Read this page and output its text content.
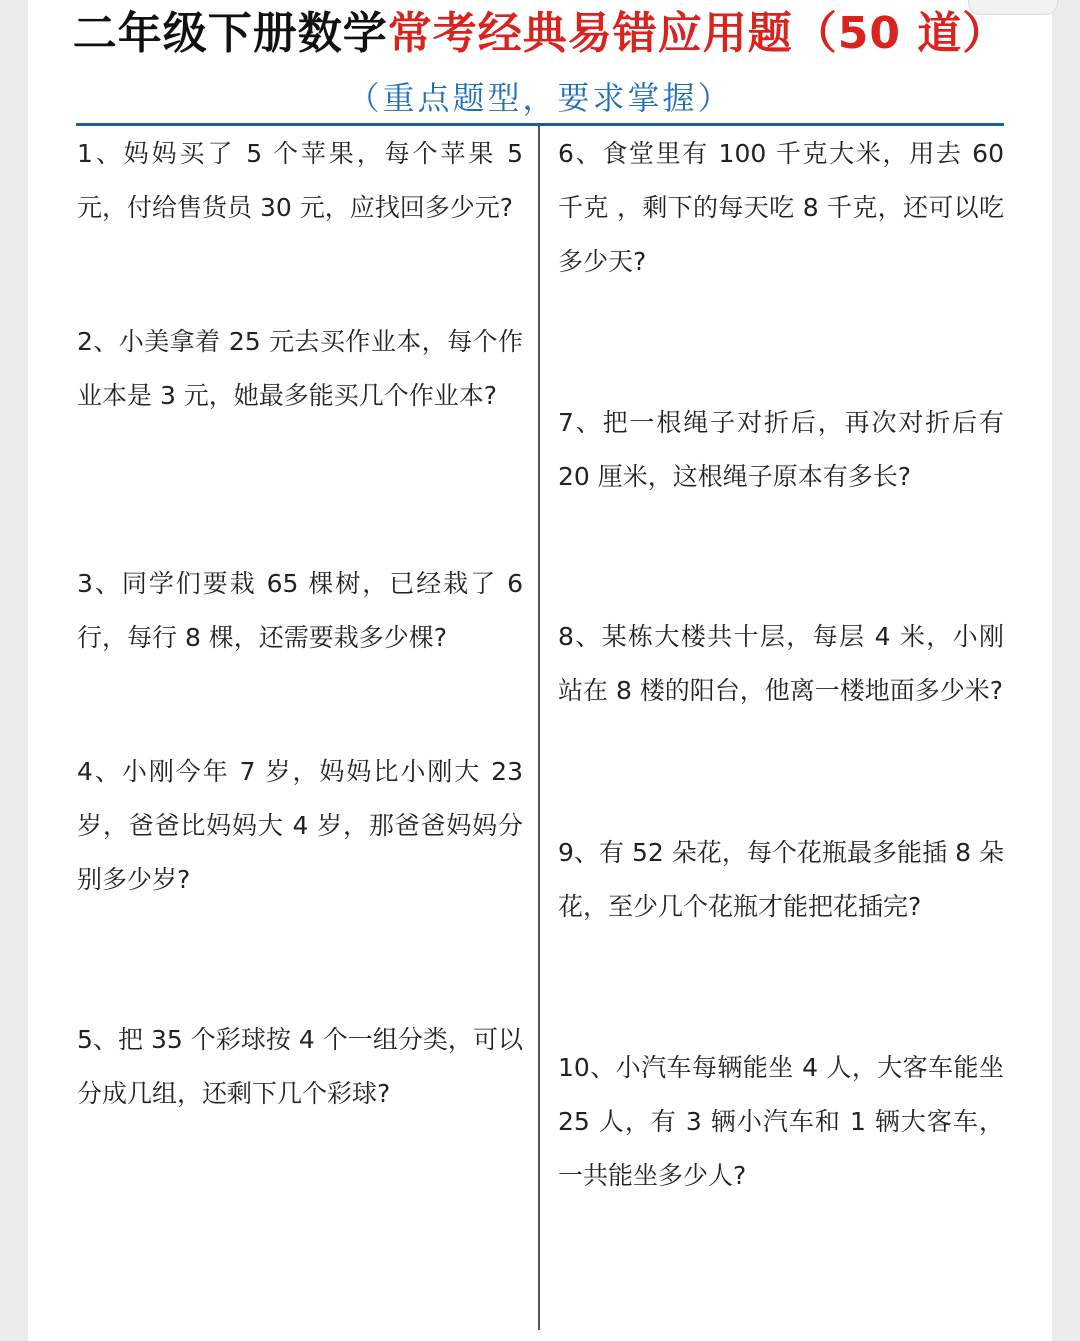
二年级下册数学常考经典易错应用题（50 道）
（重点题型，要求掌握）
1、妈妈买了 5 个苹果，每个苹果 5 元，付给售货员 30 元，应找回多少元?
2、小美拿着 25 元去买作业本，每个作业本是 3 元，她最多能买几个作业本?
3、同学们要栽 65 棵树，已经栽了 6 行，每行 8 棵，还需要栽多少棵?
4、小刚今年 7 岁，妈妈比小刚大 23 岁，爸爸比妈妈大 4 岁，那爸爸妈妈分别多少岁?
5、把 35 个彩球按 4 个一组分类，可以分成几组，还剩下几个彩球?
6、食堂里有 100 千克大米，用去 60 千克 ，剩下的每天吃 8 千克，还可以吃多少天?
7、把一根绳子对折后，再次对折后有 20 厘米，这根绳子原本有多长?
8、某栋大楼共十层，每层 4 米，小刚站在 8 楼的阳台，他离一楼地面多少米?
9、有 52 朵花，每个花瓶最多能插 8 朵花，至少几个花瓶才能把花插完?
10、小汽车每辆能坐 4 人，大客车能坐 25 人，有 3 辆小汽车和 1 辆大客车，一共能坐多少人?
